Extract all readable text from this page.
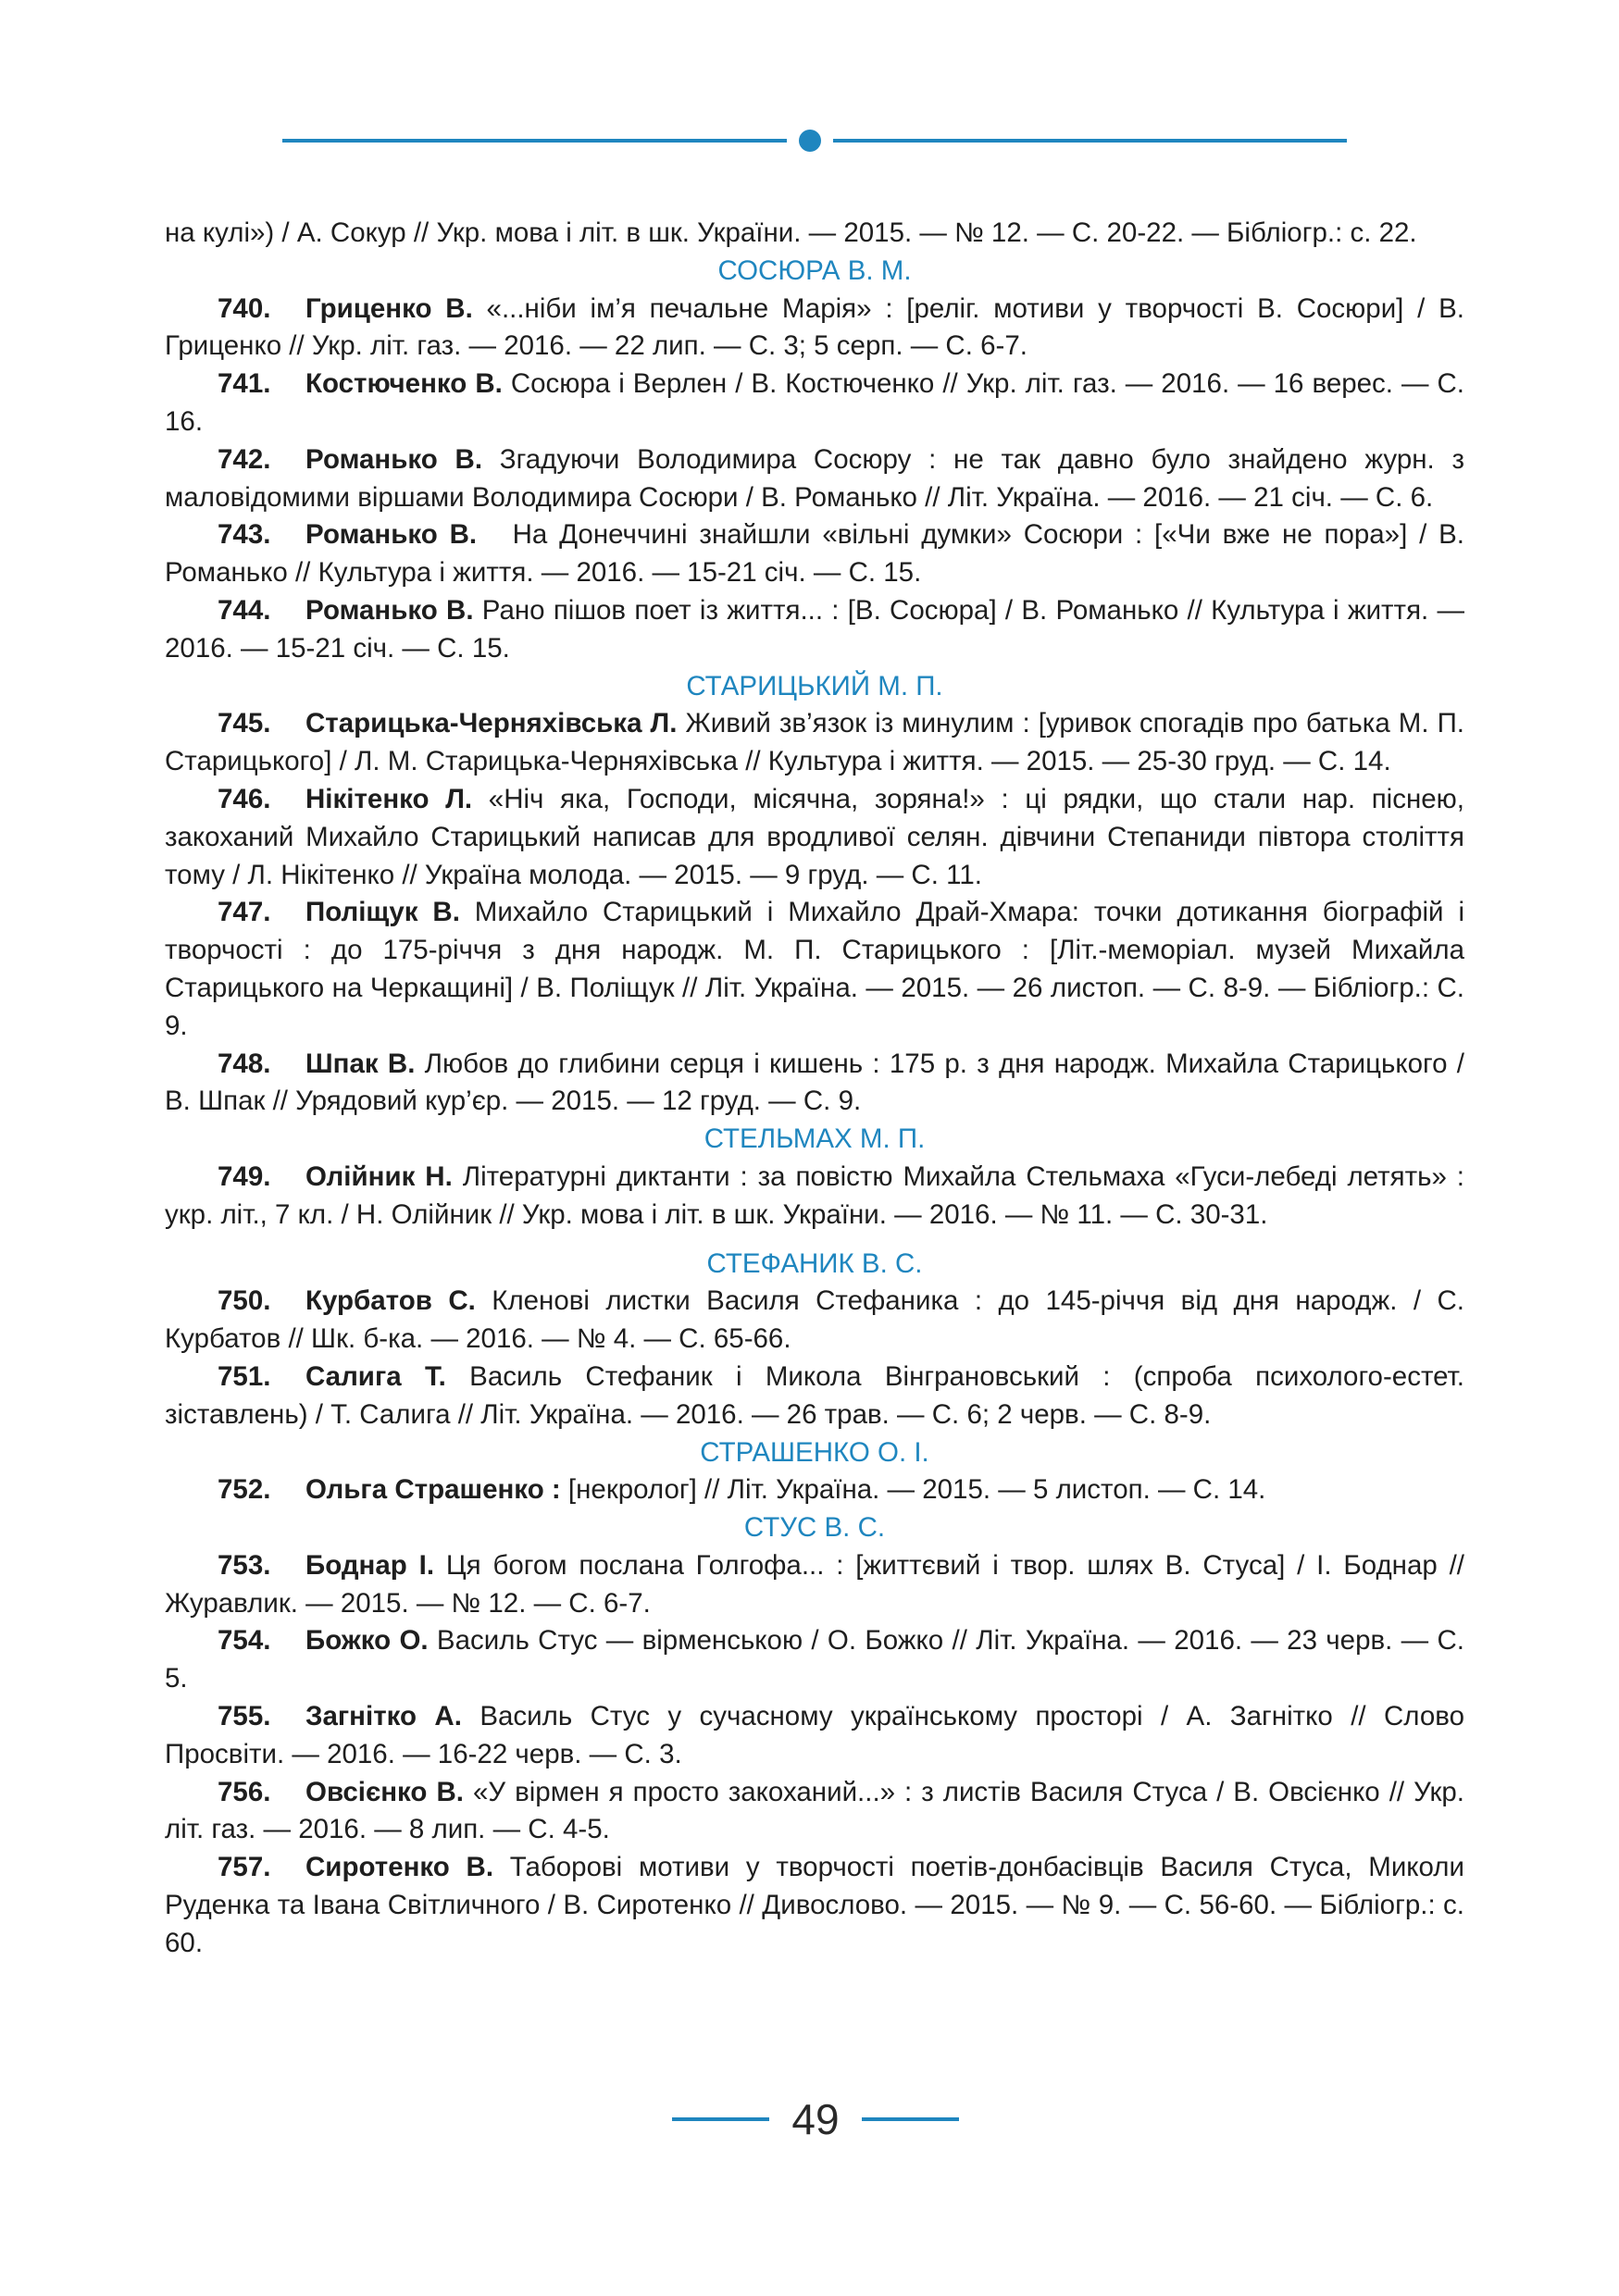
на кулі») / А. Сокур // Укр. мова і літ. в шк. України. — 2015. — № 12. — С. 20-22. — Бібліогр.: с. 22.

СОСЮРА В. М.

740. Гриценко В. «...ніби ім’я печальне Марія» : [реліг. мотиви у творчості В. Сосюри] / В. Гриценко // Укр. літ. газ. — 2016. — 22 лип. — С. 3; 5 серп. — С. 6-7.

741. Костюченко В. Сосюра і Верлен / В. Костюченко // Укр. літ. газ. — 2016. — 16 верес. — С. 16.

742. Романько В. Згадуючи Володимира Сосюру : не так давно було знайдено журн. з маловідомими віршами Володимира Сосюри / В. Романько // Літ. Україна. — 2016. — 21 січ. — С. 6.

743. Романько В.   На Донеччині знайшли «вільні думки» Сосюри : [«Чи вже не пора»] / В. Романько // Культура і життя. — 2016. — 15-21 січ. — С. 15.

744. Романько В. Рано пішов поет із життя... : [В. Сосюра] / В. Романько // Культура і життя. — 2016. — 15-21 січ. — С. 15.

СТАРИЦЬКИЙ М. П.

745. Старицька-Черняхівська Л. Живий зв’язок із минулим : [уривок спогадів про батька М. П. Старицького] / Л. М. Старицька-Черняхівська // Культура і життя. — 2015. — 25-30 груд. — С. 14.

746. Нікітенко Л. «Ніч яка, Господи, місячна, зоряна!» : ці рядки, що стали нар. піснею, закоханий Михайло Старицький написав для вродливої селян. дівчини Степаниди півтора століття тому / Л. Нікітенко // Україна молода. — 2015. — 9 груд. — С. 11.

747. Поліщук В. Михайло Старицький і Михайло Драй-Хмара: точки дотикання біографій і творчості : до 175-річчя з дня народж. М. П. Старицького : [Літ.-меморіал. музей Михайла Старицького на Черкащині] / В. Поліщук // Літ. Україна. — 2015. — 26 листоп. — С. 8-9. — Бібліогр.: С. 9.

748. Шпак В. Любов до глибини серця і кишень : 175 р. з дня народж. Михайла Старицького / В. Шпак // Урядовий кур’єр. — 2015. — 12 груд. — С. 9.

СТЕЛЬМАХ М. П.

749. Олійник Н. Літературні диктанти : за повістю Михайла Стельмаха «Гуси-лебеді летять» : укр. літ., 7 кл. / Н. Олійник // Укр. мова і літ. в шк. України. — 2016. — № 11. — С. 30-31.

СТЕФАНИК В. С.

750. Курбатов С. Кленові листки Василя Стефаника : до 145-річчя від дня народж. / С. Курбатов // Шк. б-ка. — 2016. — № 4. — С. 65-66.

751. Салига Т. Василь Стефаник і Микола Вінграновський : (спроба психолого-естет. зіставлень) / Т. Салига // Літ. Україна. — 2016. — 26 трав. — С. 6; 2 черв. — С. 8-9.

СТРАШЕНКО О. І.

752. Ольга Страшенко : [некролог] // Літ. Україна. — 2015. — 5 листоп. — С. 14.

СТУС В. С.

753. Боднар І. Ця богом послана Голгофа... : [життєвий і твор. шлях В. Стуса] / І. Боднар // Журавлик. — 2015. — № 12. — С. 6-7.

754. Божко О. Василь Стус — вірменською / О. Божко // Літ. Україна. — 2016. — 23 черв. — С. 5.

755. Загнітко А. Василь Стус у сучасному українському просторі / А. Загнітко // Слово Просвіти. — 2016. — 16-22 черв. — С. 3.

756. Овсієнко В. «У вірмен я просто закоханий...» : з листів Василя Стуса / В. Овсієнко // Укр. літ. газ. — 2016. — 8 лип. — С. 4-5.

757. Сиротенко В. Таборові мотиви у творчості поетів-донбасівців Василя Стуса, Миколи Руденка та Івана Світличного / В. Сиротенко // Дивослово. — 2015. — № 9. — С. 56-60. — Бібліогр.: с. 60.

49
